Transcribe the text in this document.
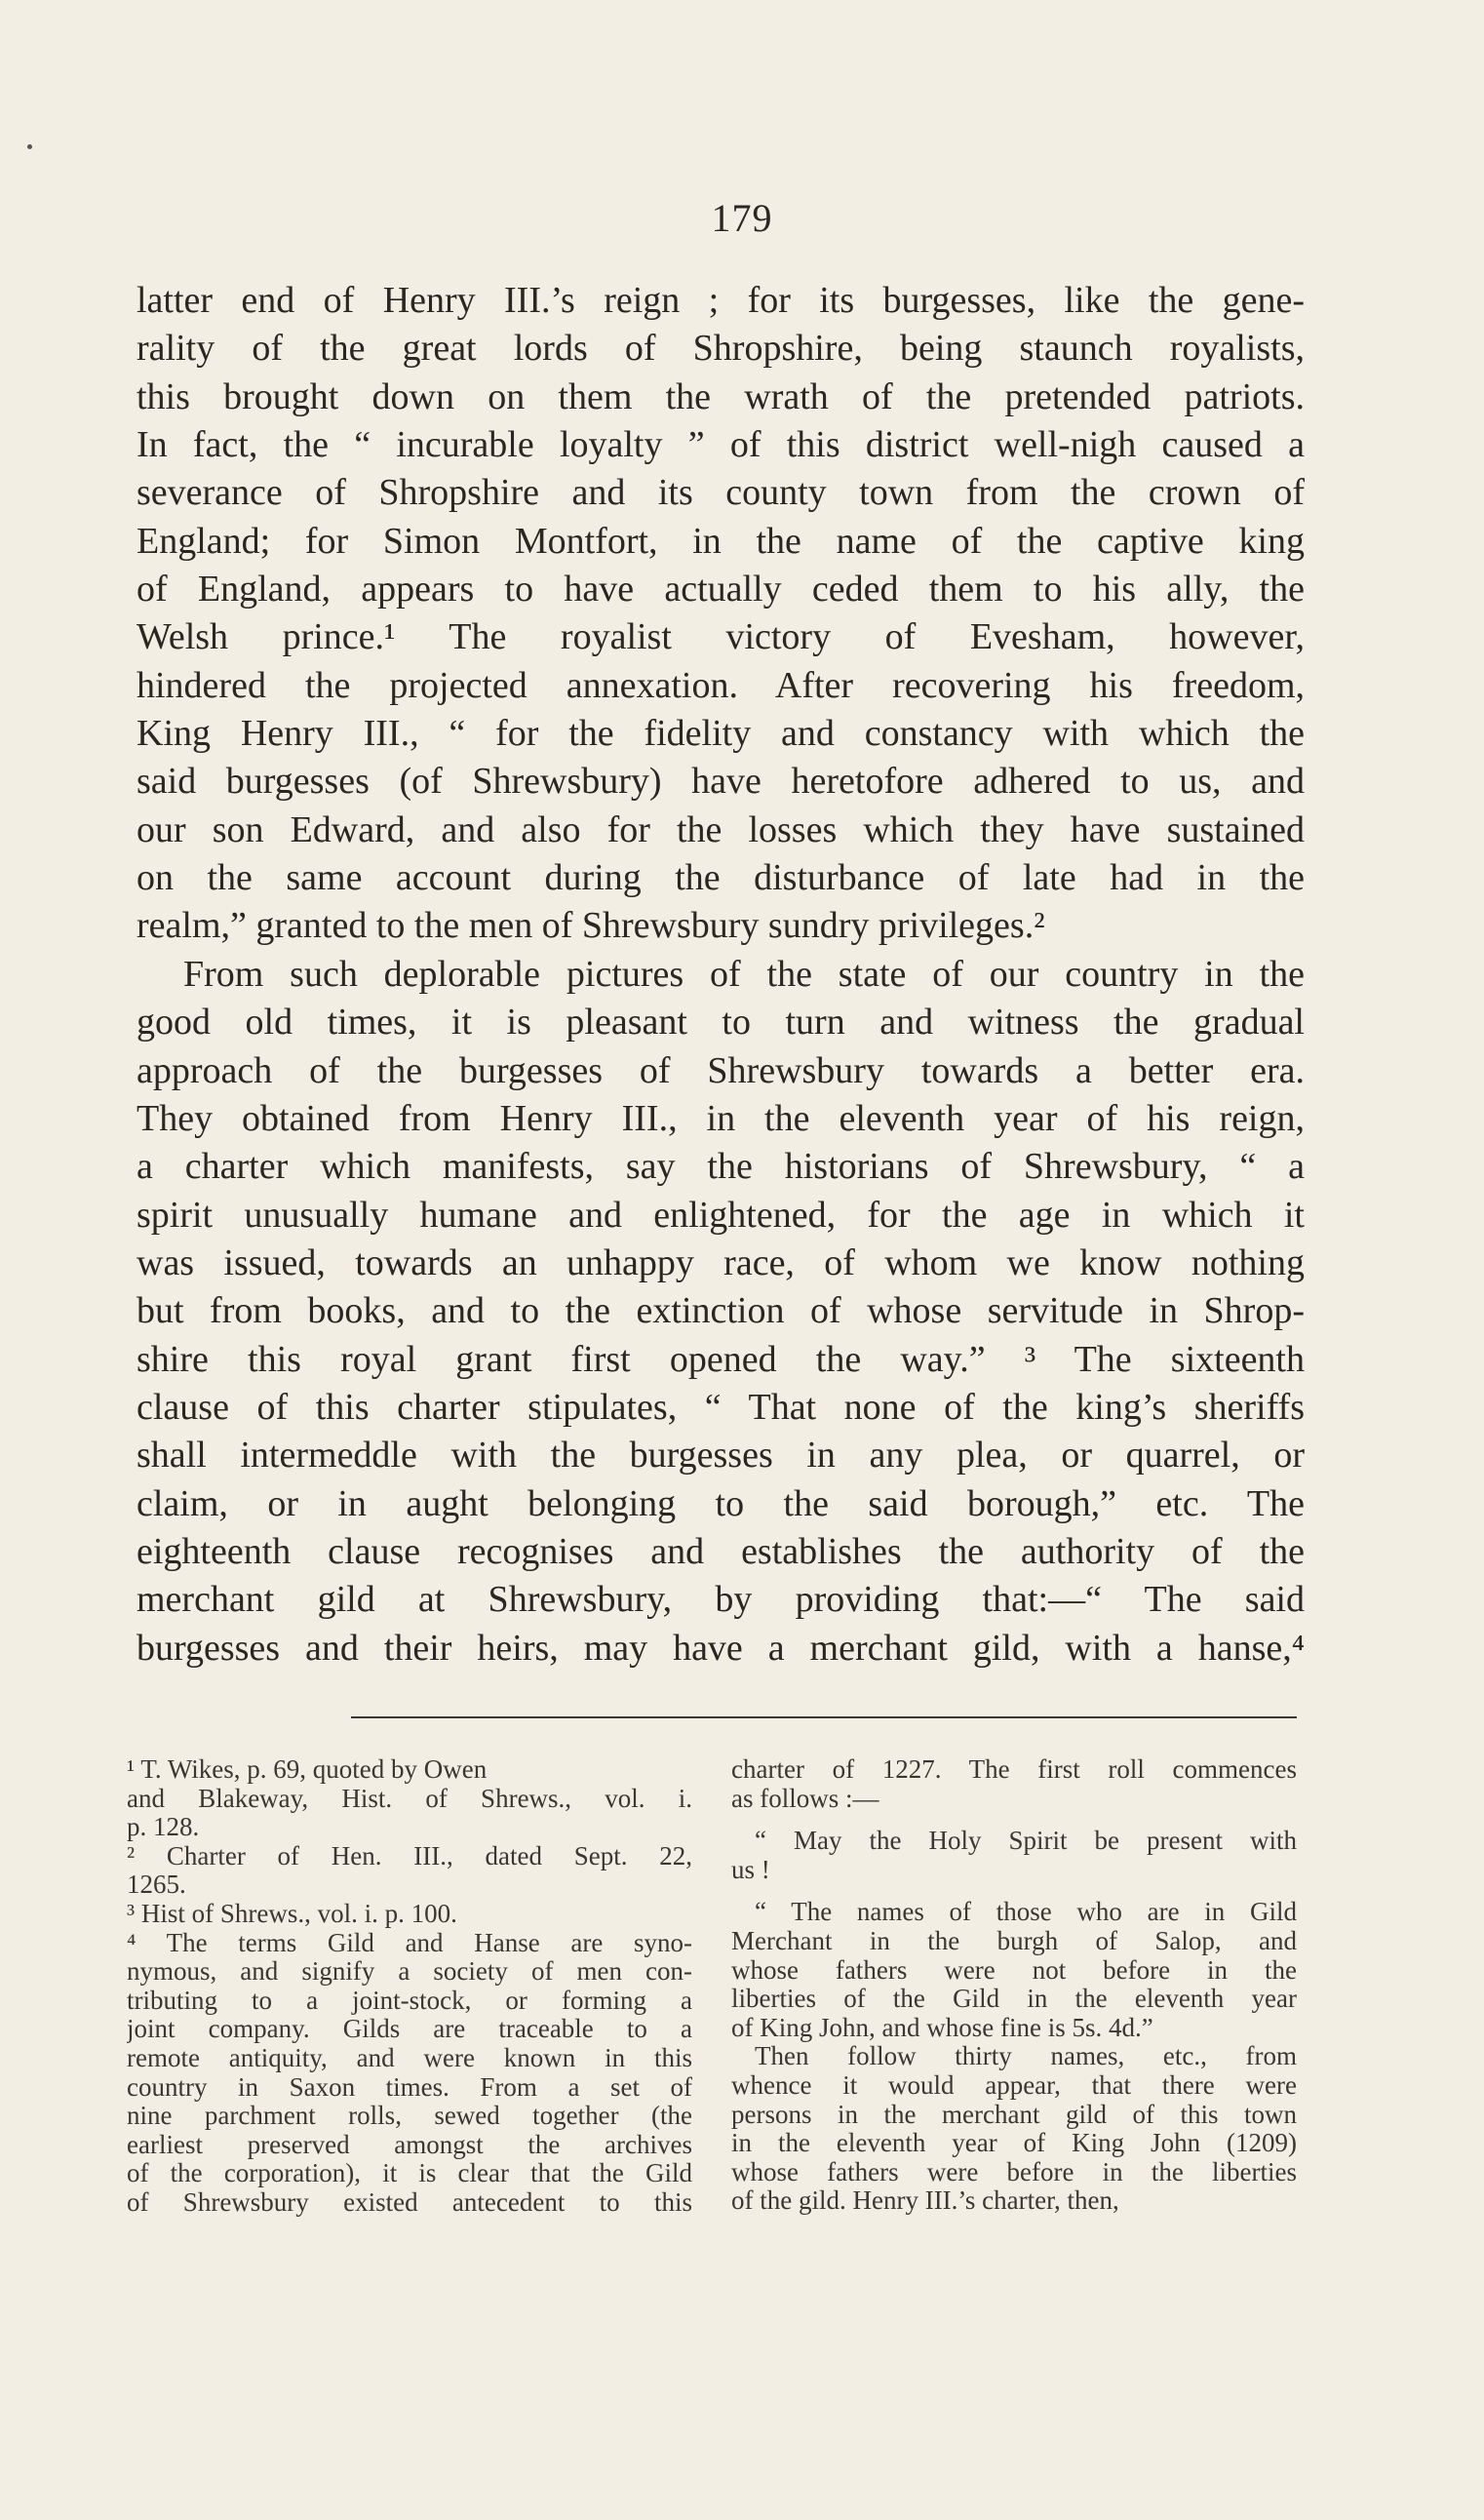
179
latter end of Henry III.’s reign ; for its burgesses, like the gene-
rality of the great lords of Shropshire, being staunch royalists,
this brought down on them the wrath of the pretended patriots.
In fact, the “ incurable loyalty ” of this district well-nigh caused a
severance of Shropshire and its county town from the crown of
England; for Simon Montfort, in the name of the captive king
of England, appears to have actually ceded them to his ally, the
Welsh prince.¹ The royalist victory of Evesham, however,
hindered the projected annexation. After recovering his freedom,
King Henry III., “ for the fidelity and constancy with which the
said burgesses (of Shrewsbury) have heretofore adhered to us, and
our son Edward, and also for the losses which they have sustained
on the same account during the disturbance of late had in the
realm,” granted to the men of Shrewsbury sundry privileges.²
From such deplorable pictures of the state of our country in the
good old times, it is pleasant to turn and witness the gradual
approach of the burgesses of Shrewsbury towards a better era.
They obtained from Henry III., in the eleventh year of his reign,
a charter which manifests, say the historians of Shrewsbury, “ a
spirit unusually humane and enlightened, for the age in which it
was issued, towards an unhappy race, of whom we know nothing
but from books, and to the extinction of whose servitude in Shrop-
shire this royal grant first opened the way.” ³ The sixteenth
clause of this charter stipulates, “ That none of the king’s sheriffs
shall intermeddle with the burgesses in any plea, or quarrel, or
claim, or in aught belonging to the said borough,” etc. The
eighteenth clause recognises and establishes the authority of the
merchant gild at Shrewsbury, by providing that:—“ The said
burgesses and their heirs, may have a merchant gild, with a hanse,⁴
¹ T. Wikes, p. 69, quoted by Owen
and Blakeway, Hist. of Shrews., vol. i.
p. 128.
² Charter of Hen. III., dated Sept. 22,
1265.
³ Hist of Shrews., vol. i. p. 100.
⁴ The terms Gild and Hanse are syno-
nymous, and signify a society of men con-
tributing to a joint-stock, or forming a
joint company. Gilds are traceable to a
remote antiquity, and were known in this
country in Saxon times. From a set of
nine parchment rolls, sewed together (the
earliest preserved amongst the archives
of the corporation), it is clear that the Gild
of Shrewsbury existed antecedent to this
charter of 1227. The first roll commences
as follows :—
“ May the Holy Spirit be present with
us !
“ The names of those who are in Gild
Merchant in the burgh of Salop, and
whose fathers were not before in the
liberties of the Gild in the eleventh year
of King John, and whose fine is 5s. 4d.”
Then follow thirty names, etc., from
whence it would appear, that there were
persons in the merchant gild of this town
in the eleventh year of King John (1209)
whose fathers were before in the liberties
of the gild. Henry III.’s charter, then,
